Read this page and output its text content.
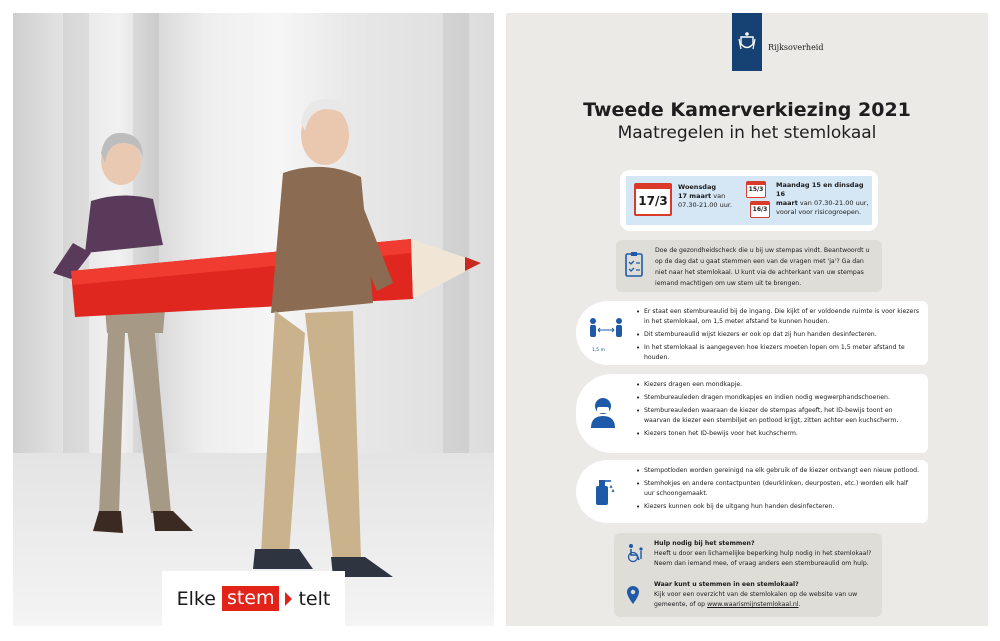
Elke stem telt
Rijksoverheid
Tweede Kamerverkiezing 2021
Maatregelen in het stemlokaal
17/3
Woensdag
17 maart van
07.30-21.00 uur.
15/3
16/3
Maandag 15 en dinsdag 16
maart van 07.30-21.00 uur,
vooral voor risicogroepen.
Doe de gezondheidscheck die u bij uw stempas vindt. Beantwoordt u op de dag dat u gaat stemmen een van de vragen met 'ja'? Ga dan niet naar het stemlokaal. U kunt via de achterkant van uw stempas iemand machtigen om uw stem uit te brengen.
1,5 m
• Er staat een stembureaulid bij de ingang. Die kijkt of er voldoende ruimte is voor kiezers in het stemlokaal, om 1,5 meter afstand te kunnen houden.
• Dit stembureaulid wijst kiezers er ook op dat zij hun handen desinfecteren.
• In het stemlokaal is aangegeven hoe kiezers moeten lopen om 1,5 meter afstand te houden.
• Kiezers dragen een mondkapje.
• Stembureauleden dragen mondkapjes en indien nodig wegwerphandschoenen.
• Stembureauleden waaraan de kiezer de stempas afgeeft, het ID-bewijs toont en waarvan de kiezer een stembiljet en potlood krijgt, zitten achter een kuchscherm.
• Kiezers tonen het ID-bewijs voor het kuchscherm.
• Stempotloden worden gereinigd na elk gebruik of de kiezer ontvangt een nieuw potlood.
• Stemhokjes en andere contactpunten (deurklinken, deurposten, etc.) worden elk half uur schoongemaakt.
• Kiezers kunnen ook bij de uitgang hun handen desinfecteren.
Hulp nodig bij het stemmen?
Heeft u door een lichamelijke beperking hulp nodig in het stemlokaal? Neem dan iemand mee, of vraag anders een stembureaulid om hulp.
Waar kunt u stemmen in een stemlokaal?
Kijk voor een overzicht van de stemlokalen op de website van uw gemeente, of op www.waarismijnstemlokaal.nl.
